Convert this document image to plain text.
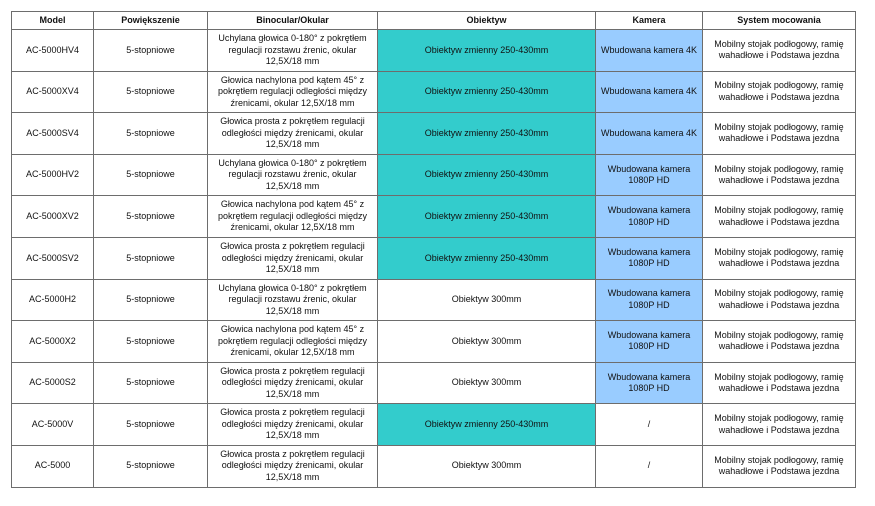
Model	Powiększenie	Binocular/Okular	Obiektyw	Kamera	System mocowania
AC-5000HV4	5-stopniowe	Uchylana głowica 0-180° z pokrętłem regulacji rozstawu źrenic, okular 12,5X/18 mm	Obiektyw zmienny 250-430mm	Wbudowana kamera 4K	Mobilny stojak podłogowy, ramię wahadłowe i Podstawa jezdna
AC-5000XV4	5-stopniowe	Głowica nachylona pod kątem 45° z pokrętłem regulacji odległości między źrenicami, okular 12,5X/18 mm	Obiektyw zmienny 250-430mm	Wbudowana kamera 4K	Mobilny stojak podłogowy, ramię wahadłowe i Podstawa jezdna
AC-5000SV4	5-stopniowe	Głowica prosta z pokrętłem regulacji odległości między źrenicami, okular 12,5X/18 mm	Obiektyw zmienny 250-430mm	Wbudowana kamera 4K	Mobilny stojak podłogowy, ramię wahadłowe i Podstawa jezdna
AC-5000HV2	5-stopniowe	Uchylana głowica 0-180° z pokrętłem regulacji rozstawu źrenic, okular 12,5X/18 mm	Obiektyw zmienny 250-430mm	Wbudowana kamera 1080P HD	Mobilny stojak podłogowy, ramię wahadłowe i Podstawa jezdna
AC-5000XV2	5-stopniowe	Głowica nachylona pod kątem 45° z pokrętłem regulacji odległości między źrenicami, okular 12,5X/18 mm	Obiektyw zmienny 250-430mm	Wbudowana kamera 1080P HD	Mobilny stojak podłogowy, ramię wahadłowe i Podstawa jezdna
AC-5000SV2	5-stopniowe	Głowica prosta z pokrętłem regulacji odległości między źrenicami, okular 12,5X/18 mm	Obiektyw zmienny 250-430mm	Wbudowana kamera 1080P HD	Mobilny stojak podłogowy, ramię wahadłowe i Podstawa jezdna
AC-5000H2	5-stopniowe	Uchylana głowica 0-180° z pokrętłem regulacji rozstawu źrenic, okular 12,5X/18 mm	Obiektyw 300mm	Wbudowana kamera 1080P HD	Mobilny stojak podłogowy, ramię wahadłowe i Podstawa jezdna
AC-5000X2	5-stopniowe	Głowica nachylona pod kątem 45° z pokrętłem regulacji odległości między źrenicami, okular 12,5X/18 mm	Obiektyw 300mm	Wbudowana kamera 1080P HD	Mobilny stojak podłogowy, ramię wahadłowe i Podstawa jezdna
AC-5000S2	5-stopniowe	Głowica prosta z pokrętłem regulacji odległości między źrenicami, okular 12,5X/18 mm	Obiektyw 300mm	Wbudowana kamera 1080P HD	Mobilny stojak podłogowy, ramię wahadłowe i Podstawa jezdna
AC-5000V	5-stopniowe	Głowica prosta z pokrętłem regulacji odległości między źrenicami, okular 12,5X/18 mm	Obiektyw zmienny 250-430mm	/	Mobilny stojak podłogowy, ramię wahadłowe i Podstawa jezdna
AC-5000	5-stopniowe	Głowica prosta z pokrętłem regulacji odległości między źrenicami, okular 12,5X/18 mm	Obiektyw 300mm	/	Mobilny stojak podłogowy, ramię wahadłowe i Podstawa jezdna
